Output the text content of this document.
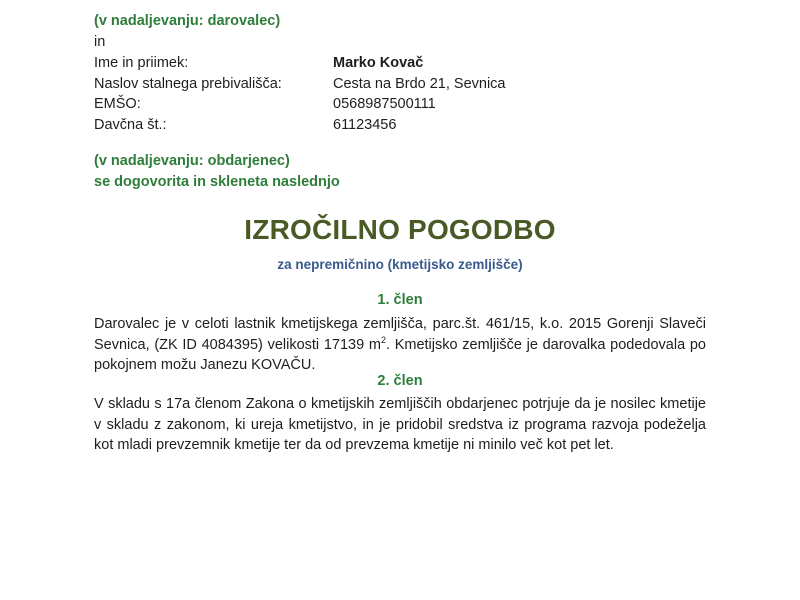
(v nadaljevanju: darovalec)
in
Ime in priimek:	Marko Kovač
Naslov stalnega prebivališča:	Cesta na Brdo 21, Sevnica
EMŠO:	0568987500111
Davčna št.:	61123456
(v nadaljevanju: obdarjenec)
se dogovorita in skleneta naslednjo
IZROČILNO POGODBO
za nepremičnino (kmetijsko zemljišče)
1. člen
Darovalec je v celoti lastnik kmetijskega zemljišča, parc.št. 461/15, k.o. 2015 Gorenji Slaveči Sevnica, (ZK ID 4084395) velikosti 17139 $m^2$. Kmetijsko zemljišče je darovalka podedovala po pokojnem možu Janezu KOVAČU.
2. člen
V skladu s 17a členom Zakona o kmetijskih zemljiščih obdarjenec potrjuje da je nosilec kmetije v skladu z zakonom, ki ureja kmetijstvo, in je pridobil sredstva iz programa razvoja podeželja kot mladi prevzemnik kmetije ter da od prevzema kmetije ni minilo več kot pet let.
